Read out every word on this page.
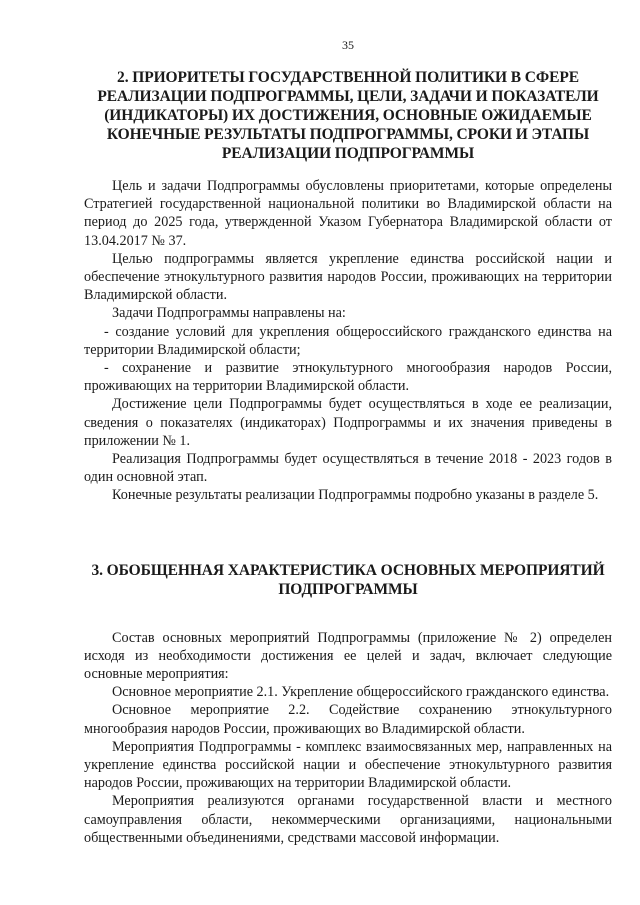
35
2. ПРИОРИТЕТЫ ГОСУДАРСТВЕННОЙ ПОЛИТИКИ В СФЕРЕ РЕАЛИЗАЦИИ ПОДПРОГРАММЫ, ЦЕЛИ, ЗАДАЧИ И ПОКАЗАТЕЛИ (ИНДИКАТОРЫ) ИХ ДОСТИЖЕНИЯ, ОСНОВНЫЕ ОЖИДАЕМЫЕ КОНЕЧНЫЕ РЕЗУЛЬТАТЫ ПОДПРОГРАММЫ, СРОКИ И ЭТАПЫ РЕАЛИЗАЦИИ ПОДПРОГРАММЫ

Цель и задачи Подпрограммы обусловлены приоритетами, которые определены Стратегией государственной национальной политики во Владимирской области на период до 2025 года, утвержденной Указом Губернатора Владимирской области от 13.04.2017 № 37.

Целью подпрограммы является укрепление единства российской нации и обеспечение этнокультурного развития народов России, проживающих на территории Владимирской области.

Задачи Подпрограммы направлены на:

- создание условий для укрепления общероссийского гражданского единства на территории Владимирской области;

- сохранение и развитие этнокультурного многообразия народов России, проживающих на территории Владимирской области.

Достижение цели Подпрограммы будет осуществляться в ходе ее реализации, сведения о показателях (индикаторах) Подпрограммы и их значения приведены в приложении № 1.

Реализация Подпрограммы будет осуществляться в течение 2018 - 2023 годов в один основной этап.

Конечные результаты реализации Подпрограммы подробно указаны в разделе 5.

3. ОБОБЩЕННАЯ ХАРАКТЕРИСТИКА ОСНОВНЫХ МЕРОПРИЯТИЙ ПОДПРОГРАММЫ

Состав основных мероприятий Подпрограммы (приложение № 2) определен исходя из необходимости достижения ее целей и задач, включает следующие основные мероприятия:

Основное мероприятие 2.1. Укрепление общероссийского гражданского единства.

Основное мероприятие 2.2. Содействие сохранению этнокультурного многообразия народов России, проживающих во Владимирской области.

Мероприятия Подпрограммы - комплекс взаимосвязанных мер, направленных на укрепление единства российской нации и обеспечение этнокультурного развития народов России, проживающих на территории Владимирской области.

Мероприятия реализуются органами государственной власти и местного самоуправления области, некоммерческими организациями, национальными общественными объединениями, средствами массовой информации.
